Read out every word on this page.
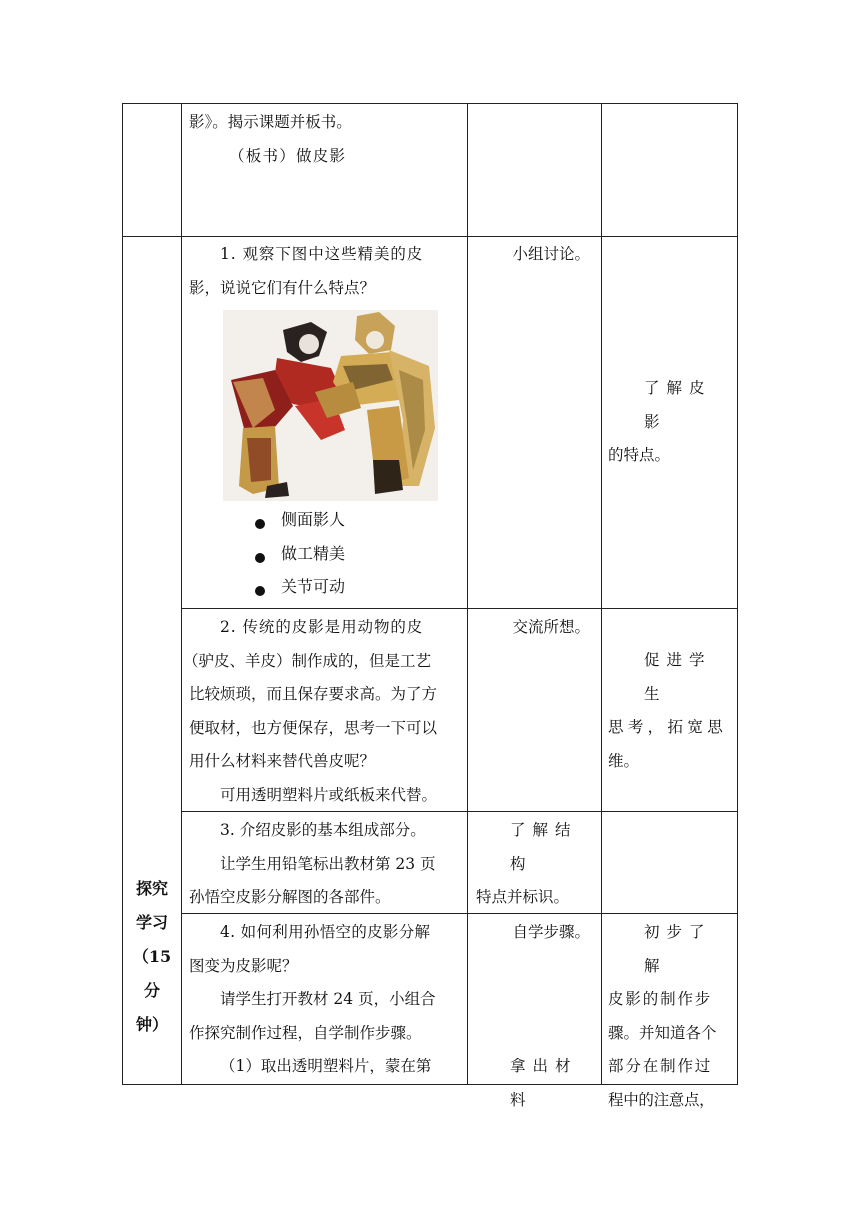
影》。揭示课题并板书。

（板书）做皮影

探究
学习
（15
分
钟）

1. 观察下图中这些精美的皮

影，说说它们有什么特点？

侧面影人
做工精美
关节可动

小组讨论。

了解皮影

的特点。

2. 传统的皮影是用动物的皮

（驴皮、羊皮）制作成的，但是工艺

比较烦琐，而且保存要求高。为了方

便取材，也方便保存，思考一下可以

用什么材料来替代兽皮呢？

可用透明塑料片或纸板来代替。

交流所想。

促进学生

思考，拓宽思

维。

3. 介绍皮影的基本组成部分。

让学生用铅笔标出教材第 23 页

孙悟空皮影分解图的各部件。

了解结构

特点并标识。

4. 如何利用孙悟空的皮影分解

图变为皮影呢？

请学生打开教材 24 页，小组合

作探究制作过程，自学制作步骤。

（1）取出透明塑料片，蒙在第

自学步骤。

拿出材料

初步了解

皮影的制作步

骤。并知道各个

部分在制作过

程中的注意点，
